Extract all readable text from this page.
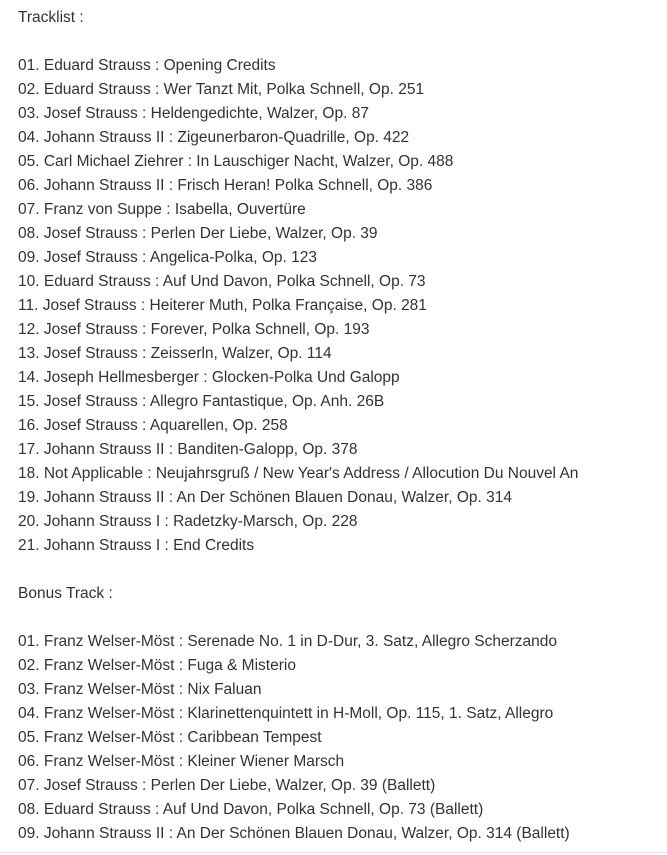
Tracklist :
01. Eduard Strauss : Opening Credits
02. Eduard Strauss : Wer Tanzt Mit, Polka Schnell, Op. 251
03. Josef Strauss : Heldengedichte, Walzer, Op. 87
04. Johann Strauss II : Zigeunerbaron-Quadrille, Op. 422
05. Carl Michael Ziehrer : In Lauschiger Nacht, Walzer, Op. 488
06. Johann Strauss II : Frisch Heran! Polka Schnell, Op. 386
07. Franz von Suppe : Isabella, Ouvertüre
08. Josef Strauss : Perlen Der Liebe, Walzer, Op. 39
09. Josef Strauss : Angelica-Polka, Op. 123
10. Eduard Strauss : Auf Und Davon, Polka Schnell, Op. 73
11. Josef Strauss : Heiterer Muth, Polka Française, Op. 281
12. Josef Strauss : Forever, Polka Schnell, Op. 193
13. Josef Strauss : Zeisserln, Walzer, Op. 114
14. Joseph Hellmesberger : Glocken-Polka Und Galopp
15. Josef Strauss : Allegro Fantastique, Op. Anh. 26B
16. Josef Strauss : Aquarellen, Op. 258
17. Johann Strauss II : Banditen-Galopp, Op. 378
18. Not Applicable : Neujahrsgruß / New Year's Address / Allocution Du Nouvel An
19. Johann Strauss II : An Der Schönen Blauen Donau, Walzer, Op. 314
20. Johann Strauss I : Radetzky-Marsch, Op. 228
21. Johann Strauss I : End Credits
Bonus Track :
01. Franz Welser-Möst : Serenade No. 1 in D-Dur, 3. Satz, Allegro Scherzando
02. Franz Welser-Möst : Fuga & Misterio
03. Franz Welser-Möst : Nix Faluan
04. Franz Welser-Möst : Klarinettenquintett in H-Moll, Op. 115, 1. Satz, Allegro
05. Franz Welser-Möst : Caribbean Tempest
06. Franz Welser-Möst : Kleiner Wiener Marsch
07. Josef Strauss : Perlen Der Liebe, Walzer, Op. 39 (Ballett)
08. Eduard Strauss : Auf Und Davon, Polka Schnell, Op. 73 (Ballett)
09. Johann Strauss II : An Der Schönen Blauen Donau, Walzer, Op. 314 (Ballett)
